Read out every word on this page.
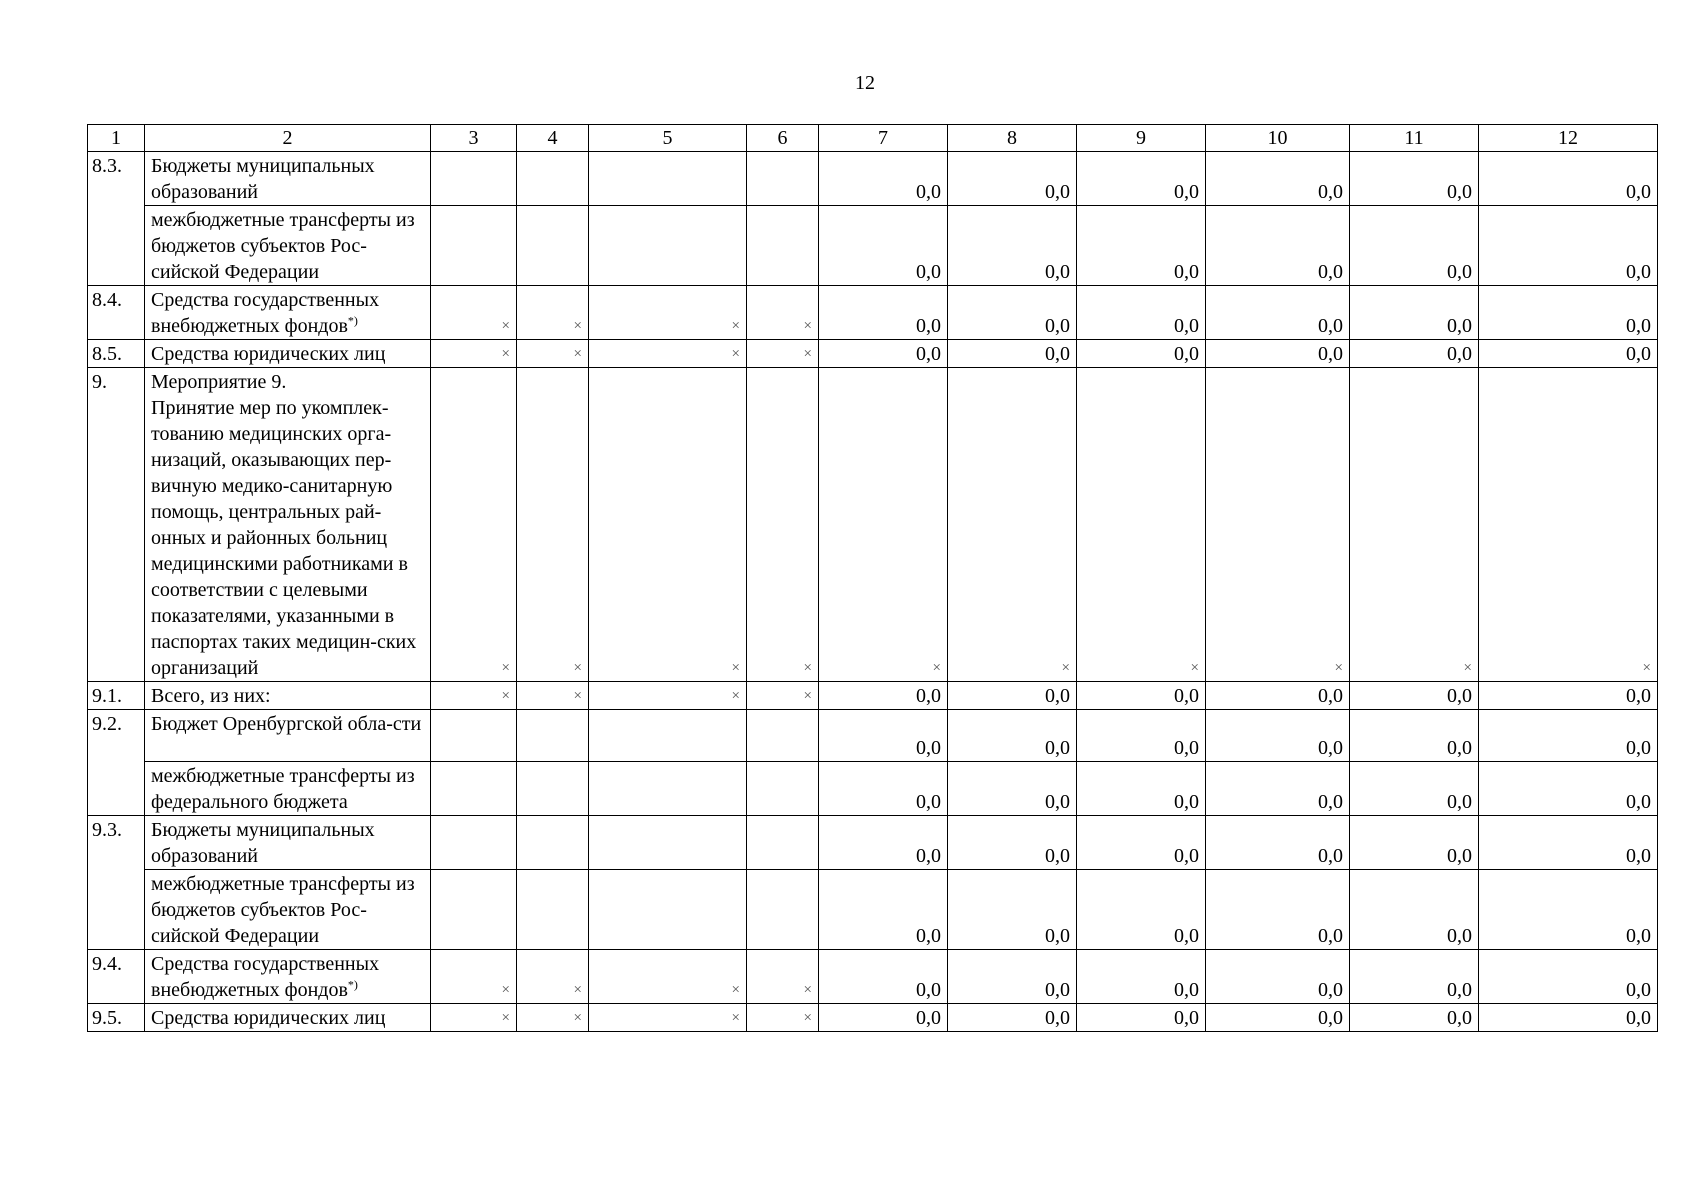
12
1	2	3	4	5	6	7	8	9	10	11	12
8.3.	Бюджеты муниципальных образований					0,0	0,0	0,0	0,0	0,0	0,0
	межбюджетные трансферты из бюджетов субъектов Рос-сийской Федерации					0,0	0,0	0,0	0,0	0,0	0,0
8.4.	Средства государственных внебюджетных фондов*)	×	×	×	×	0,0	0,0	0,0	0,0	0,0	0,0
8.5.	Средства юридических лиц	×	×	×	×	0,0	0,0	0,0	0,0	0,0	0,0
9.	Мероприятие 9.
Принятие мер по укомплек-тованию медицинских орга-низаций, оказывающих пер-вичную медико-санитарную помощь, центральных рай-онных и районных больниц медицинскими работниками в соответствии с целевыми показателями, указанными в паспортах таких медицин-ских организаций	×	×	×	×	×	×	×	×	×	×
9.1.	Всего, из них:	×	×	×	×	0,0	0,0	0,0	0,0	0,0	0,0
9.2.	Бюджет Оренбургской обла-сти					0,0	0,0	0,0	0,0	0,0	0,0
	межбюджетные трансферты из федерального бюджета					0,0	0,0	0,0	0,0	0,0	0,0
9.3.	Бюджеты муниципальных образований					0,0	0,0	0,0	0,0	0,0	0,0
	межбюджетные трансферты из бюджетов субъектов Рос-сийской Федерации					0,0	0,0	0,0	0,0	0,0	0,0
9.4.	Средства государственных внебюджетных фондов*)	×	×	×	×	0,0	0,0	0,0	0,0	0,0	0,0
9.5.	Средства юридических лиц	×	×	×	×	0,0	0,0	0,0	0,0	0,0	0,0
